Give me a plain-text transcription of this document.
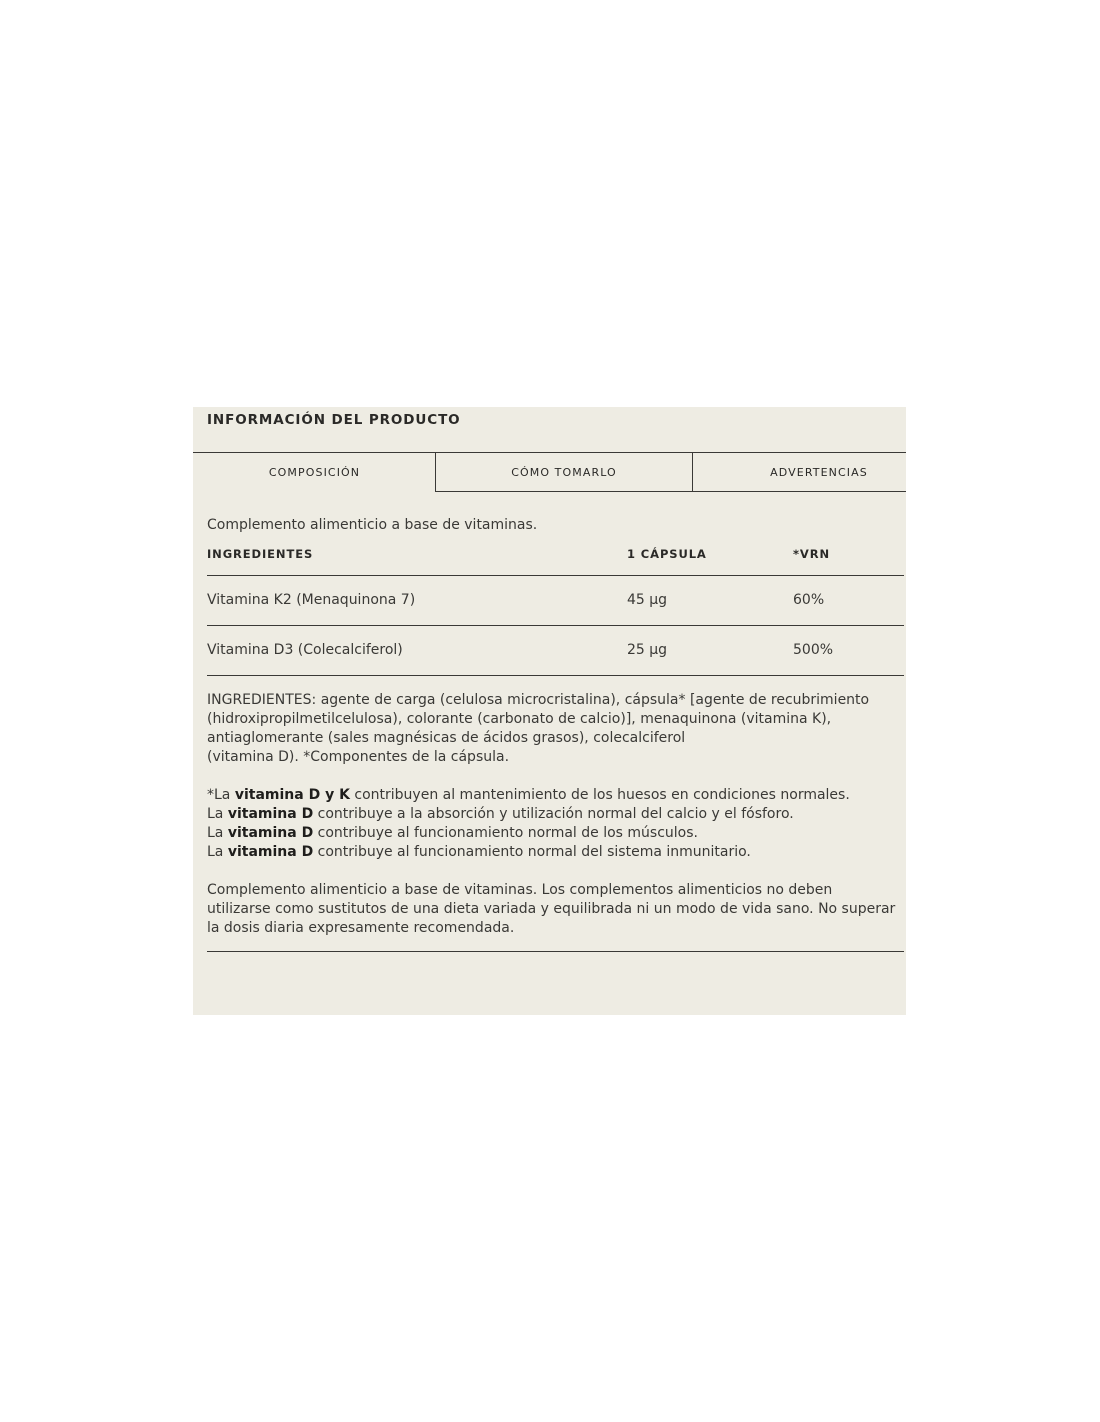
INFORMACIÓN DEL PRODUCTO
COMPOSICIÓN	CÓMO TOMARLO	ADVERTENCIAS
Complemento alimenticio a base de vitaminas.
INGREDIENTES	1 CÁPSULA	*VRN
Vitamina K2 (Menaquinona 7)	45 µg	60%
Vitamina D3 (Colecalciferol)	25 µg	500%
INGREDIENTES: agente de carga (celulosa microcristalina), cápsula* [agente de recubrimiento
(hidroxipropilmetilcelulosa), colorante (carbonato de calcio)], menaquinona (vitamina K),
antiaglomerante (sales magnésicas de ácidos grasos), colecalciferol
(vitamina D). *Componentes de la cápsula.
*La vitamina D y K contribuyen al mantenimiento de los huesos en condiciones normales.
La vitamina D contribuye a la absorción y utilización normal del calcio y el fósforo.
La vitamina D contribuye al funcionamiento normal de los músculos.
La vitamina D contribuye al funcionamiento normal del sistema inmunitario.
Complemento alimenticio a base de vitaminas. Los complementos alimenticios no deben
utilizarse como sustitutos de una dieta variada y equilibrada ni un modo de vida sano. No superar
la dosis diaria expresamente recomendada.
